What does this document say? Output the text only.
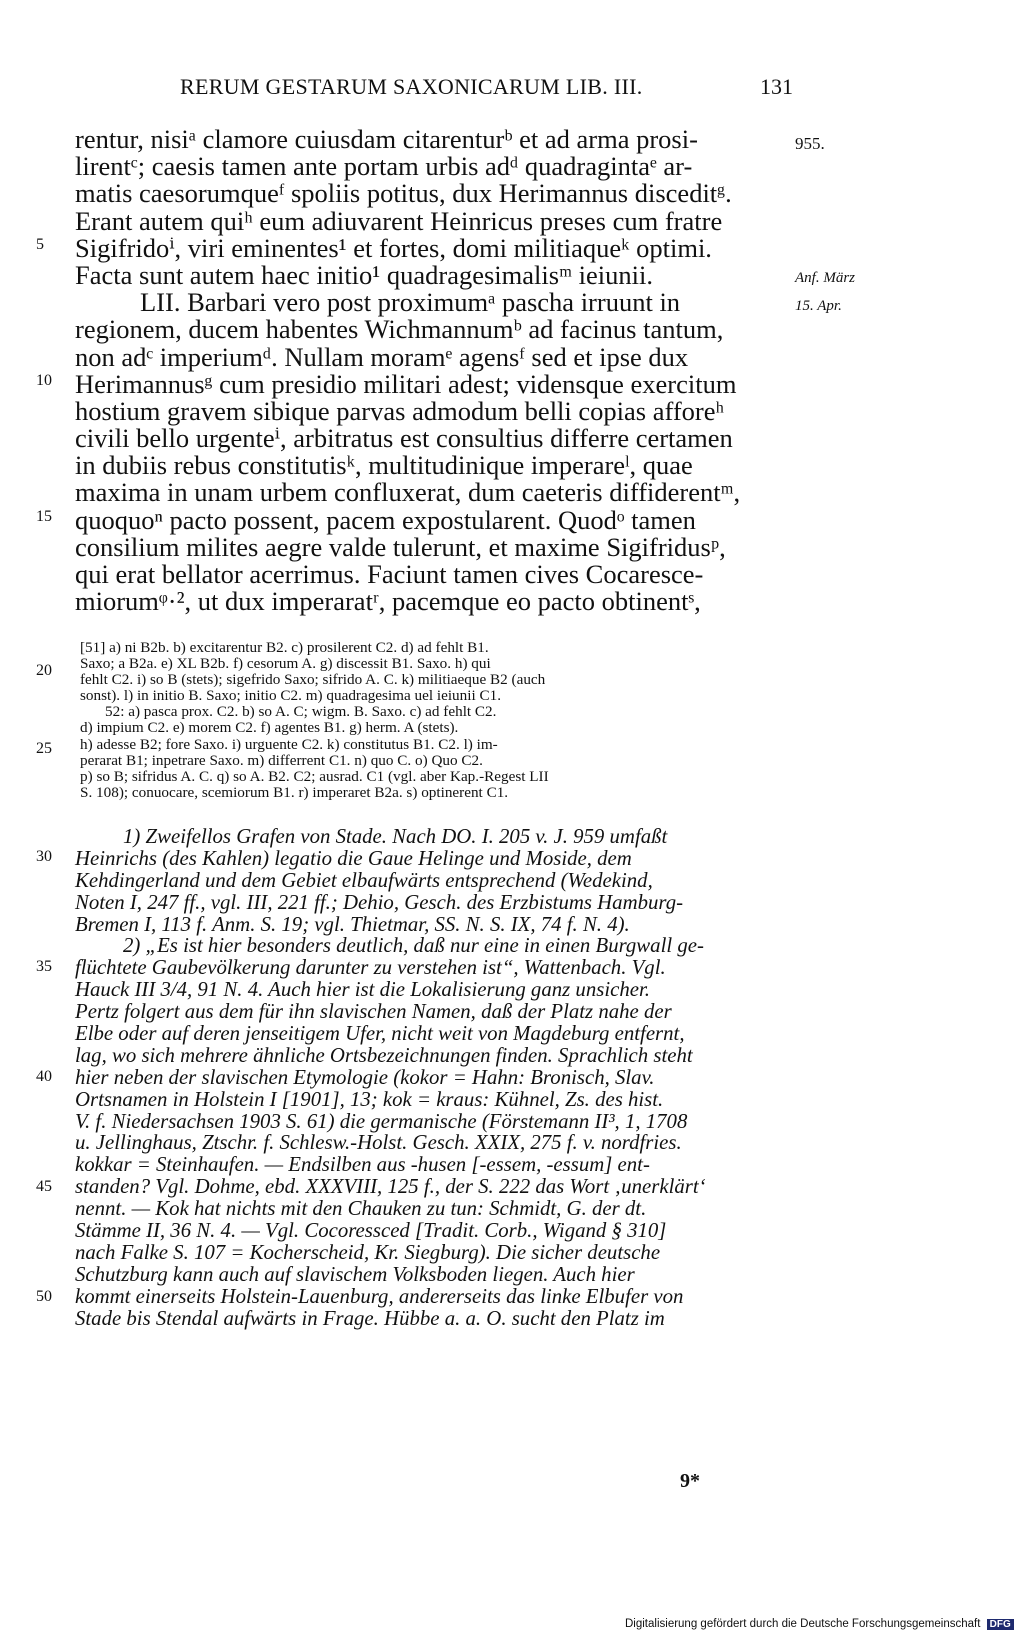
RERUM GESTARUM SAXONICARUM LIB. III.	131
rentur, nisiᵃ clamore cuiusdam citarenturᵇ et ad arma prosi-
lirentᶜ; caesis tamen ante portam urbis adᵈ quadragintaᵉ ar-
matis caesorumqueᶠ spoliis potitus, dux Herimannus disceditᵍ.
Erant autem quiʰ eum adiuvarent Heinricus preses cum fratre
Sigifridoⁱ, viri eminentes¹ et fortes, domi militiaqueᵏ optimi.
Facta sunt autem haec initio¹ quadragesimalisᵐ ieiunii.
LII. Barbari vero post proximumᵃ pascha irruunt in
regionem, ducem habentes Wichmannumᵇ ad facinus tantum,
non adᶜ imperiumᵈ. Nullam moramᵉ agensᶠ sed et ipse dux
Herimannusᵍ cum presidio militari adest; vidensque exercitum
hostium gravem sibique parvas admodum belli copias afforeʰ
civili bello urgenteⁱ, arbitratus est consultius differre certamen
in dubiis rebus constitutisᵏ, multitudinique imperareˡ, quae
maxima in unam urbem confluxerat, dum caeteris diffiderentᵐ,
quoquoⁿ pacto possent, pacem expostularent. Quodᵒ tamen
consilium milites aegre valde tulerunt, et maxime Sigifridusᵖ,
qui erat bellator acerrimus. Faciunt tamen cives Cocaresce-
miorumᵠ·², ut dux imperaratʳ, pacemque eo pacto obtinentˢ,
955.
Anf. März
15. Apr.
5
10
15
20
25
30
35
40
45
50
[51] a) ni B2b. b) excitarentur B2. c) prosilerent C2. d) ad fehlt B1.
Saxo; a B2a. e) XL B2b. f) cesorum A. g) discessit B1. Saxo. h) qui
fehlt C2. i) so B (stets); sigefrido Saxo; sifrido A. C. k) militiaeque B2 (auch
sonst). l) in initio B. Saxo; initio C2. m) quadragesima uel ieiunii C1.
52: a) pasca prox. C2. b) so A. C; wigm. B. Saxo. c) ad fehlt C2.
d) impium C2. e) morem C2. f) agentes B1. g) herm. A (stets).
h) adesse B2; fore Saxo. i) urguente C2. k) constitutus B1. C2. l) im-
perarat B1; inpetrare Saxo. m) differrent C1. n) quo C. o) Quo C2.
p) so B; sifridus A. C. q) so A. B2. C2; ausrad. C1 (vgl. aber Kap.-Regest LII
S. 108); conuocare, scemiorum B1. r) imperaret B2a. s) optinerent C1.
1) Zweifellos Grafen von Stade. Nach DO. I. 205 v. J. 959 umfaßt
Heinrichs (des Kahlen) legatio die Gaue Helinge und Moside, dem
Kehdingerland und dem Gebiet elbaufwärts entsprechend (Wedekind,
Noten I, 247 ff., vgl. III, 221 ff.; Dehio, Gesch. des Erzbistums Hamburg-
Bremen I, 113 f. Anm. S. 19; vgl. Thietmar, SS. N. S. IX, 74 f. N. 4).
2) „Es ist hier besonders deutlich, daß nur eine in einen Burgwall ge-
flüchtete Gaubevölkerung darunter zu verstehen ist“, Wattenbach. Vgl.
Hauck III 3/4, 91 N. 4. Auch hier ist die Lokalisierung ganz unsicher.
Pertz folgert aus dem für ihn slavischen Namen, daß der Platz nahe der
Elbe oder auf deren jenseitigem Ufer, nicht weit von Magdeburg entfernt,
lag, wo sich mehrere ähnliche Ortsbezeichnungen finden. Sprachlich steht
hier neben der slavischen Etymologie (kokor = Hahn: Bronisch, Slav.
Ortsnamen in Holstein I [1901], 13; kok = kraus: Kühnel, Zs. des hist.
V. f. Niedersachsen 1903 S. 61) die germanische (Förstemann II³, 1, 1708
u. Jellinghaus, Ztschr. f. Schlesw.-Holst. Gesch. XXIX, 275 f. v. nordfries.
kokkar = Steinhaufen. — Endsilben aus -husen [-essem, -essum] ent-
standen? Vgl. Dohme, ebd. XXXVIII, 125 f., der S. 222 das Wort ‚unerklärt‘
nennt. — Kok hat nichts mit den Chauken zu tun: Schmidt, G. der dt.
Stämme II, 36 N. 4. — Vgl. Cocoressced [Tradit. Corb., Wigand § 310]
nach Falke S. 107 = Kocherscheid, Kr. Siegburg). Die sicher deutsche
Schutzburg kann auch auf slavischem Volksboden liegen. Auch hier
kommt einerseits Holstein-Lauenburg, andererseits das linke Elbufer von
Stade bis Stendal aufwärts in Frage. Hübbe a. a. O. sucht den Platz im
9*
Digitalisierung gefördert durch die Deutsche Forschungsgemeinschaft DFG
